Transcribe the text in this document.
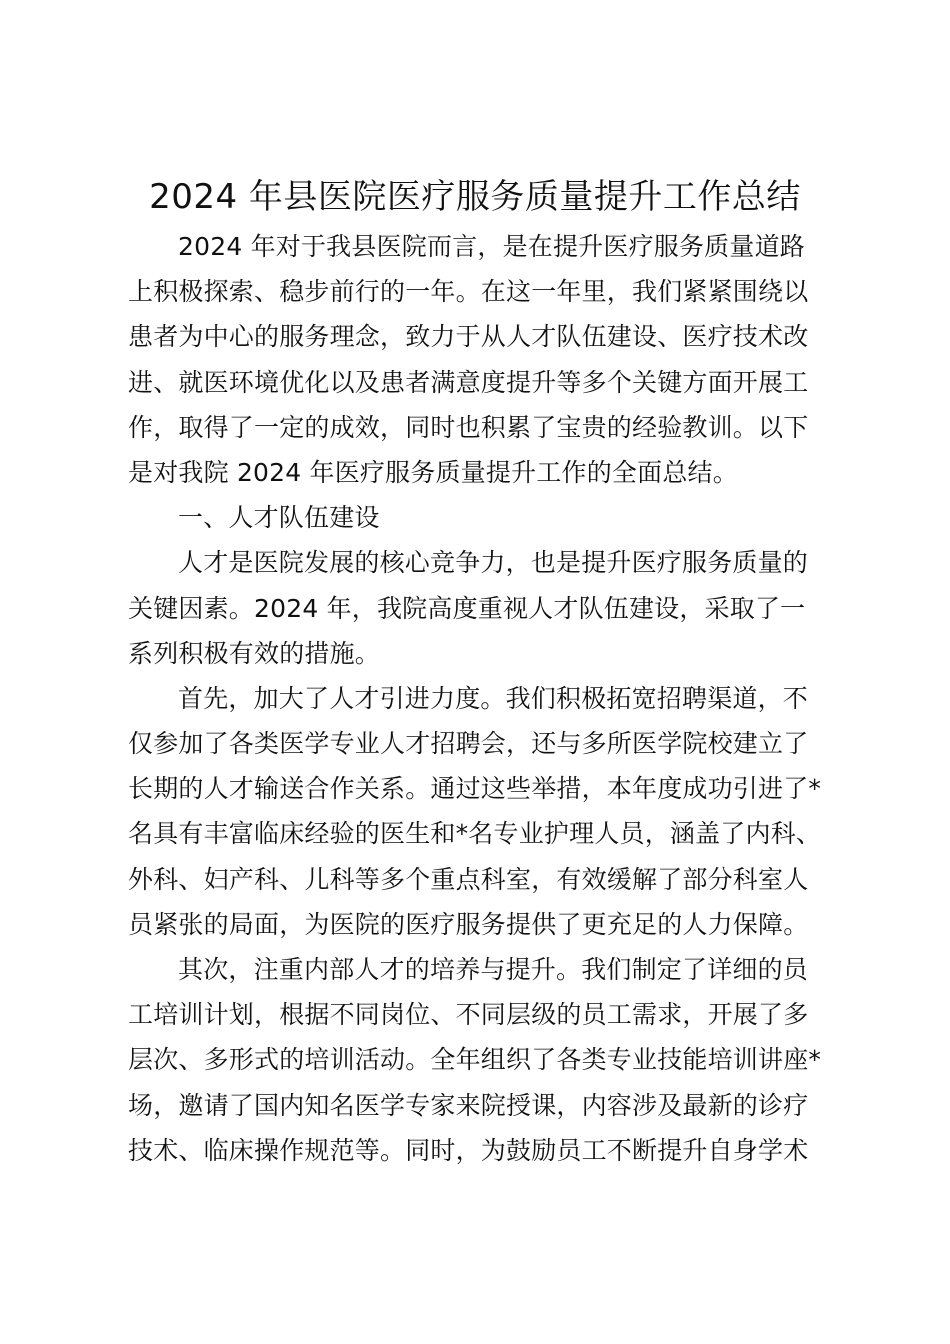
2024 年县医院医疗服务质量提升工作总结
2024 年对于我县医院而言，是在提升医疗服务质量道路
上积极探索、稳步前行的一年。在这一年里，我们紧紧围绕以
患者为中心的服务理念，致力于从人才队伍建设、医疗技术改
进、就医环境优化以及患者满意度提升等多个关键方面开展工
作，取得了一定的成效，同时也积累了宝贵的经验教训。以下
是对我院 2024 年医疗服务质量提升工作的全面总结。
一、人才队伍建设
人才是医院发展的核心竞争力，也是提升医疗服务质量的
关键因素。2024 年，我院高度重视人才队伍建设，采取了一
系列积极有效的措施。
首先，加大了人才引进力度。我们积极拓宽招聘渠道，不
仅参加了各类医学专业人才招聘会，还与多所医学院校建立了
长期的人才输送合作关系。通过这些举措，本年度成功引进了*
名具有丰富临床经验的医生和*名专业护理人员，涵盖了内科、
外科、妇产科、儿科等多个重点科室，有效缓解了部分科室人
员紧张的局面，为医院的医疗服务提供了更充足的人力保障。
其次，注重内部人才的培养与提升。我们制定了详细的员
工培训计划，根据不同岗位、不同层级的员工需求，开展了多
层次、多形式的培训活动。全年组织了各类专业技能培训讲座*
场，邀请了国内知名医学专家来院授课，内容涉及最新的诊疗
技术、临床操作规范等。同时，为鼓励员工不断提升自身学术
